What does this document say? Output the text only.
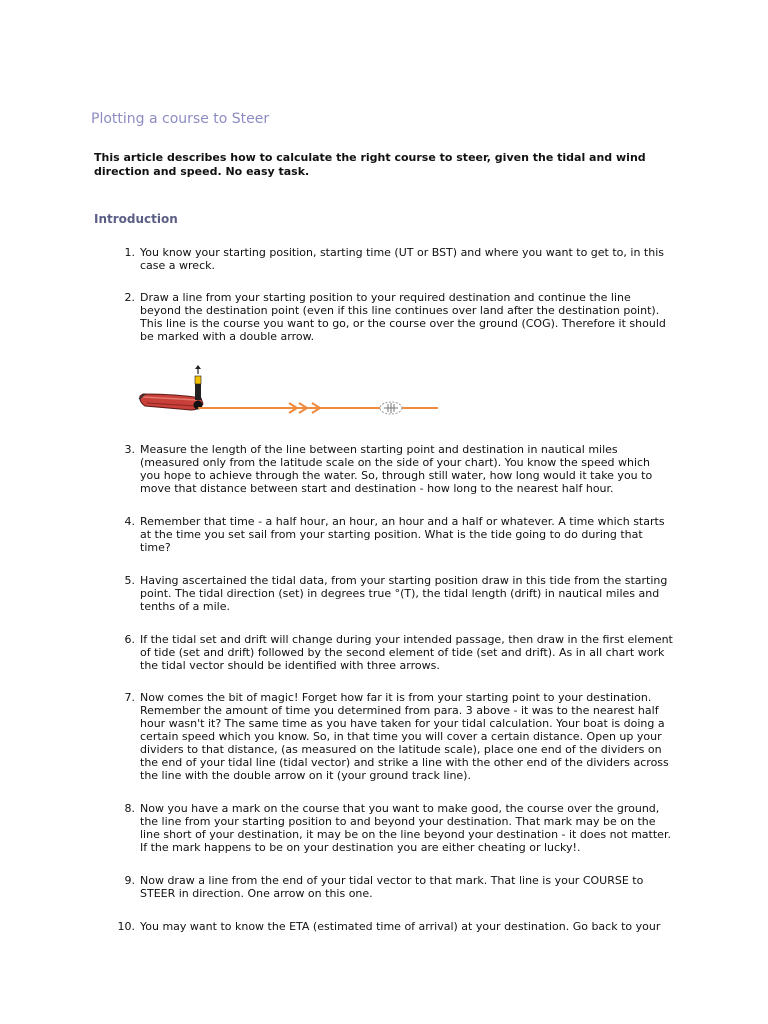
Plotting a course to Steer

This article describes how to calculate the right course to steer, given the tidal and wind direction and speed. No easy task.

Introduction
1. You know your starting position, starting time (UT or BST) and where you want to get to, in this case a wreck.
2. Draw a line from your starting position to your required destination and continue the line beyond the destination point (even if this line continues over land after the destination point). This line is the course you want to go, or the course over the ground (COG). Therefore it should be marked with a double arrow.
3. Measure the length of the line between starting point and destination in nautical miles (measured only from the latitude scale on the side of your chart). You know the speed which you hope to achieve through the water. So, through still water, how long would it take you to move that distance between start and destination - how long to the nearest half hour.
4. Remember that time - a half hour, an hour, an hour and a half or whatever. A time which starts at the time you set sail from your starting position. What is the tide going to do during that time?
5. Having ascertained the tidal data, from your starting position draw in this tide from the starting point. The tidal direction (set) in degrees true °(T), the tidal length (drift) in nautical miles and tenths of a mile.
6. If the tidal set and drift will change during your intended passage, then draw in the first element of tide (set and drift) followed by the second element of tide (set and drift). As in all chart work the tidal vector should be identified with three arrows.
7. Now comes the bit of magic! Forget how far it is from your starting point to your destination. Remember the amount of time you determined from para. 3 above - it was to the nearest half hour wasn't it? The same time as you have taken for your tidal calculation. Your boat is doing a certain speed which you know. So, in that time you will cover a certain distance. Open up your dividers to that distance, (as measured on the latitude scale), place one end of the dividers on the end of your tidal line (tidal vector) and strike a line with the other end of the dividers across the line with the double arrow on it (your ground track line).
8. Now you have a mark on the course that you want to make good, the course over the ground, the line from your starting position to and beyond your destination. That mark may be on the line short of your destination, it may be on the line beyond your destination - it does not matter. If the mark happens to be on your destination you are either cheating or lucky!.
9. Now draw a line from the end of your tidal vector to that mark. That line is your COURSE to STEER in direction. One arrow on this one.
10. You may want to know the ETA (estimated time of arrival) at your destination. Go back to your
